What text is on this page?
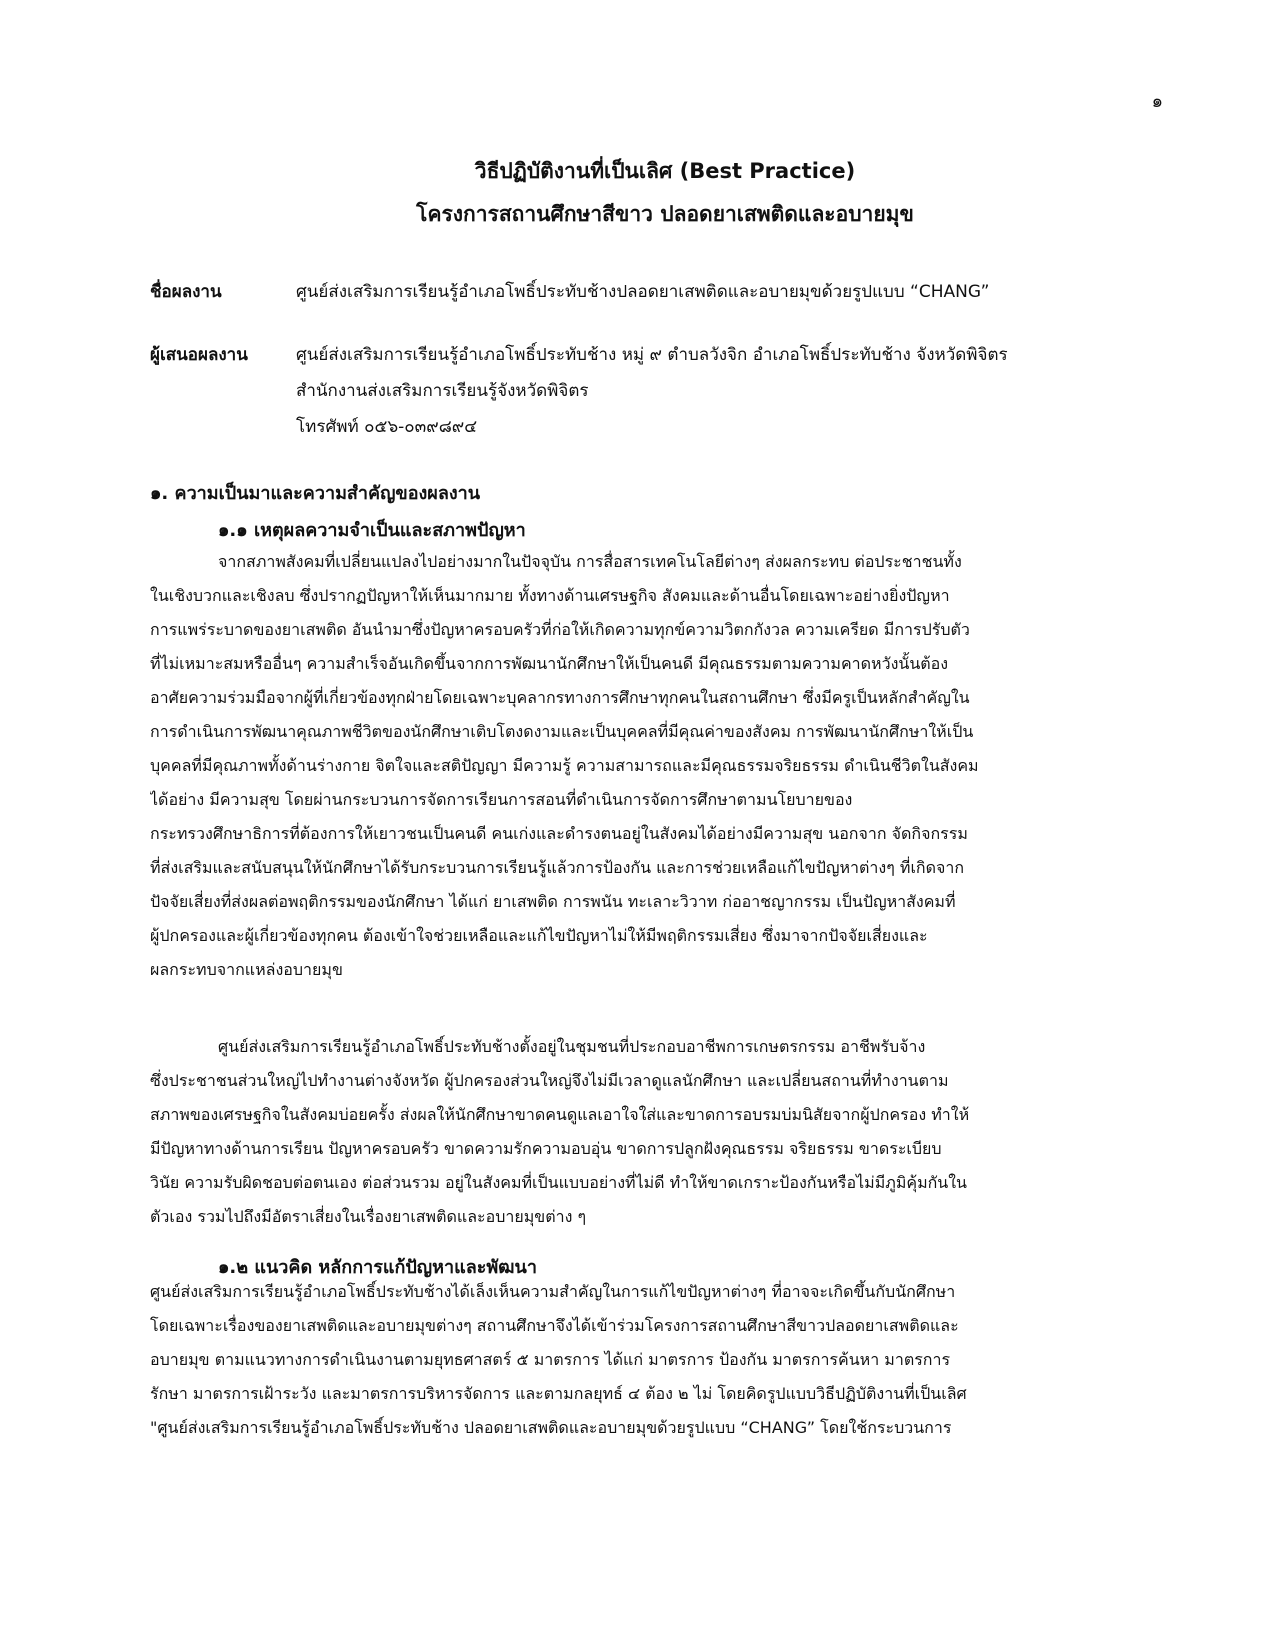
๑
วิธีปฏิบัติงานที่เป็นเลิศ (Best Practice)
โครงการสถานศึกษาสีขาว ปลอดยาเสพติดและอบายมุข
ชื่อผลงาน	ศูนย์ส่งเสริมการเรียนรู้อำเภอโพธิ์ประทับช้างปลอดยาเสพติดและอบายมุขด้วยรูปแบบ “CHANG”
ผู้เสนอผลงาน	ศูนย์ส่งเสริมการเรียนรู้อำเภอโพธิ์ประทับช้าง หมู่ ๙ ตำบลวังจิก อำเภอโพธิ์ประทับช้าง จังหวัดพิจิตร
สำนักงานส่งเสริมการเรียนรู้จังหวัดพิจิตร
โทรศัพท์ ๐๕๖-๐๓๙๘๙๔
๑. ความเป็นมาและความสำคัญของผลงาน
๑.๑ เหตุผลความจำเป็นและสภาพปัญหา
จากสภาพสังคมที่เปลี่ยนแปลงไปอย่างมากในปัจจุบัน การสื่อสารเทคโนโลยีต่างๆ ส่งผลกระทบ ต่อประชาชนทั้ง
ในเชิงบวกและเชิงลบ ซึ่งปรากฏปัญหาให้เห็นมากมาย ทั้งทางด้านเศรษฐกิจ สังคมและด้านอื่นโดยเฉพาะอย่างยิ่งปัญหา
การแพร่ระบาดของยาเสพติด อันนำมาซึ่งปัญหาครอบครัวที่ก่อให้เกิดความทุกข์ความวิตกกังวล ความเครียด มีการปรับตัว
ที่ไม่เหมาะสมหรืออื่นๆ ความสำเร็จอันเกิดขึ้นจากการพัฒนานักศึกษาให้เป็นคนดี มีคุณธรรมตามความคาดหวังนั้นต้อง
อาศัยความร่วมมือจากผู้ที่เกี่ยวข้องทุกฝ่ายโดยเฉพาะบุคลากรทางการศึกษาทุกคนในสถานศึกษา ซึ่งมีครูเป็นหลักสำคัญใน
การดำเนินการพัฒนาคุณภาพชีวิตของนักศึกษาเติบโตงดงามและเป็นบุคคลที่มีคุณค่าของสังคม การพัฒนานักศึกษาให้เป็น
บุคคลที่มีคุณภาพทั้งด้านร่างกาย จิตใจและสติปัญญา มีความรู้ ความสามารถและมีคุณธรรมจริยธรรม ดำเนินชีวิตในสังคม
ได้อย่าง มีความสุข โดยผ่านกระบวนการจัดการเรียนการสอนที่ดำเนินการจัดการศึกษาตามนโยบายของ
กระทรวงศึกษาธิการที่ต้องการให้เยาวชนเป็นคนดี คนเก่งและดำรงตนอยู่ในสังคมได้อย่างมีความสุข นอกจาก จัดกิจกรรม
ที่ส่งเสริมและสนับสนุนให้นักศึกษาได้รับกระบวนการเรียนรู้แล้วการป้องกัน และการช่วยเหลือแก้ไขปัญหาต่างๆ ที่เกิดจาก
ปัจจัยเสี่ยงที่ส่งผลต่อพฤติกรรมของนักศึกษา ได้แก่ ยาเสพติด การพนัน ทะเลาะวิวาท ก่ออาชญากรรม เป็นปัญหาสังคมที่
ผู้ปกครองและผู้เกี่ยวข้องทุกคน ต้องเข้าใจช่วยเหลือและแก้ไขปัญหาไม่ให้มีพฤติกรรมเสี่ยง ซึ่งมาจากปัจจัยเสี่ยงและ
ผลกระทบจากแหล่งอบายมุข
ศูนย์ส่งเสริมการเรียนรู้อำเภอโพธิ์ประทับช้างตั้งอยู่ในชุมชนที่ประกอบอาชีพการเกษตรกรรม อาชีพรับจ้าง
ซึ่งประชาชนส่วนใหญ่ไปทำงานต่างจังหวัด ผู้ปกครองส่วนใหญ่จึงไม่มีเวลาดูแลนักศึกษา และเปลี่ยนสถานที่ทำงานตาม
สภาพของเศรษฐกิจในสังคมบ่อยครั้ง ส่งผลให้นักศึกษาขาดคนดูแลเอาใจใส่และขาดการอบรมบ่มนิสัยจากผู้ปกครอง ทำให้
มีปัญหาทางด้านการเรียน ปัญหาครอบครัว ขาดความรักความอบอุ่น ขาดการปลูกฝังคุณธรรม จริยธรรม ขาดระเบียบ
วินัย ความรับผิดชอบต่อตนเอง ต่อส่วนรวม อยู่ในสังคมที่เป็นแบบอย่างที่ไม่ดี ทำให้ขาดเกราะป้องกันหรือไม่มีภูมิคุ้มกันใน
ตัวเอง รวมไปถึงมีอัตราเสี่ยงในเรื่องยาเสพติดและอบายมุขต่าง ๆ
๑.๒ แนวคิด หลักการแก้ปัญหาและพัฒนา
ศูนย์ส่งเสริมการเรียนรู้อำเภอโพธิ์ประทับช้างได้เล็งเห็นความสำคัญในการแก้ไขปัญหาต่างๆ ที่อาจจะเกิดขึ้นกับนักศึกษา
โดยเฉพาะเรื่องของยาเสพติดและอบายมุขต่างๆ สถานศึกษาจึงได้เข้าร่วมโครงการสถานศึกษาสีขาวปลอดยาเสพติดและ
อบายมุข ตามแนวทางการดำเนินงานตามยุทธศาสตร์ ๕ มาตรการ ได้แก่ มาตรการ ป้องกัน มาตรการค้นหา มาตรการ
รักษา มาตรการเฝ้าระวัง และมาตรการบริหารจัดการ และตามกลยุทธ์ ๔ ต้อง ๒ ไม่ โดยคิดรูปแบบวิธีปฏิบัติงานที่เป็นเลิศ
"ศูนย์ส่งเสริมการเรียนรู้อำเภอโพธิ์ประทับช้าง ปลอดยาเสพติดและอบายมุขด้วยรูปแบบ “CHANG” โดยใช้กระบวนการ
